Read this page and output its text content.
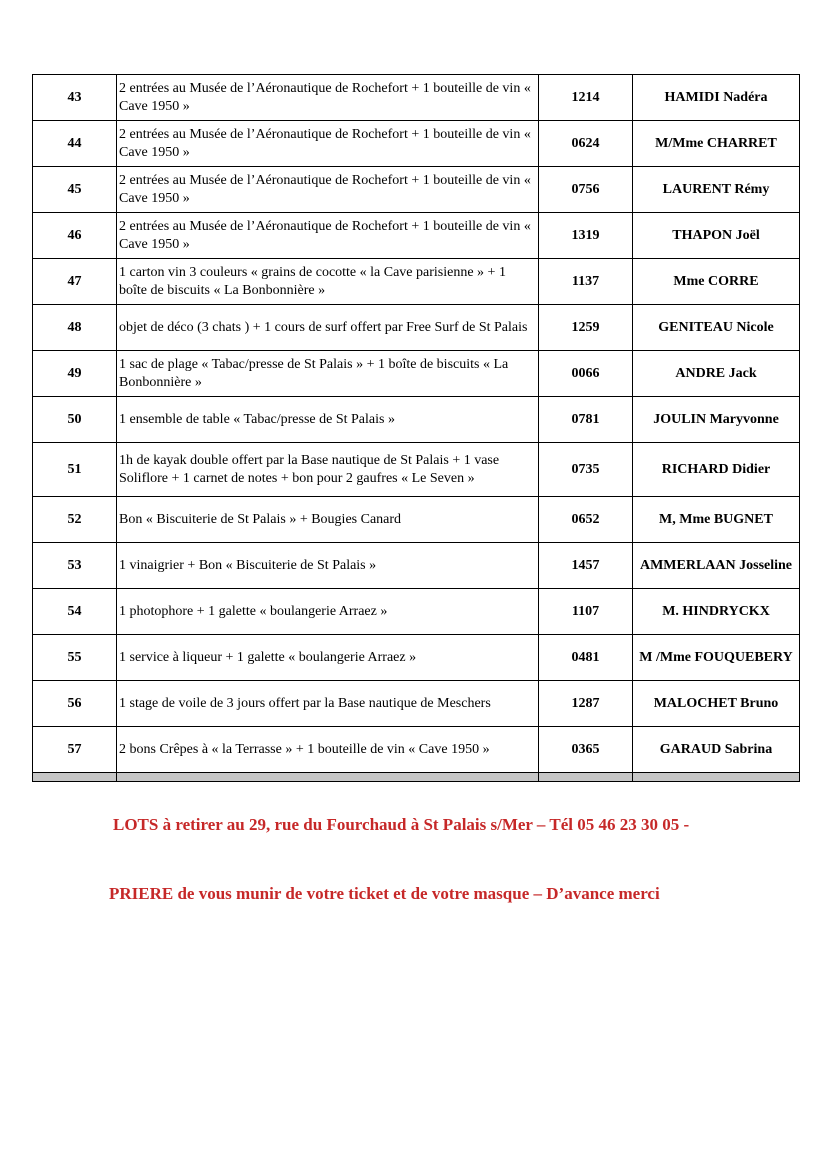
43	2 entrées au Musée de l’Aéronautique de Rochefort + 1 bouteille de vin « Cave 1950 »	1214	HAMIDI Nadéra
44	2 entrées au Musée de l’Aéronautique de Rochefort + 1 bouteille de vin « Cave 1950 »	0624	M/Mme CHARRET
45	2 entrées au Musée de l’Aéronautique de Rochefort + 1 bouteille de vin « Cave 1950 »	0756	LAURENT Rémy
46	2 entrées au Musée de l’Aéronautique de Rochefort + 1 bouteille de vin « Cave 1950 »	1319	THAPON Joël
47	1 carton vin 3 couleurs « grains de cocotte « la Cave parisienne » + 1 boîte de biscuits « La Bonbonnière »	1137	Mme CORRE
48	objet de déco (3 chats ) + 1 cours de surf offert par Free Surf de St Palais	1259	GENITEAU Nicole
49	1 sac de plage « Tabac/presse de St Palais » + 1 boîte de biscuits « La Bonbonnière »	0066	ANDRE Jack
50	1 ensemble de table « Tabac/presse de St Palais »	0781	JOULIN Maryvonne
51	1h de kayak double offert par la Base nautique de St Palais + 1 vase Soliflore + 1 carnet de notes + bon pour 2 gaufres « Le Seven »	0735	RICHARD Didier
52	Bon « Biscuiterie de St Palais » + Bougies Canard	0652	M, Mme BUGNET
53	1 vinaigrier + Bon « Biscuiterie de St Palais »	1457	AMMERLAAN Josseline
54	1 photophore + 1 galette « boulangerie Arraez »	1107	M. HINDRYCKX
55	1 service à liqueur + 1 galette « boulangerie Arraez »	0481	M /Mme FOUQUEBERY
56	1 stage de voile de 3 jours offert par la Base nautique de Meschers	1287	MALOCHET Bruno
57	2 bons Crêpes à « la Terrasse » + 1 bouteille de vin « Cave 1950 »	0365	GARAUD Sabrina

LOTS à retirer au 29, rue du Fourchaud à St Palais s/Mer – Tél 05 46 23 30 05 -
PRIERE de vous munir de votre ticket et de votre masque – D’avance merci
